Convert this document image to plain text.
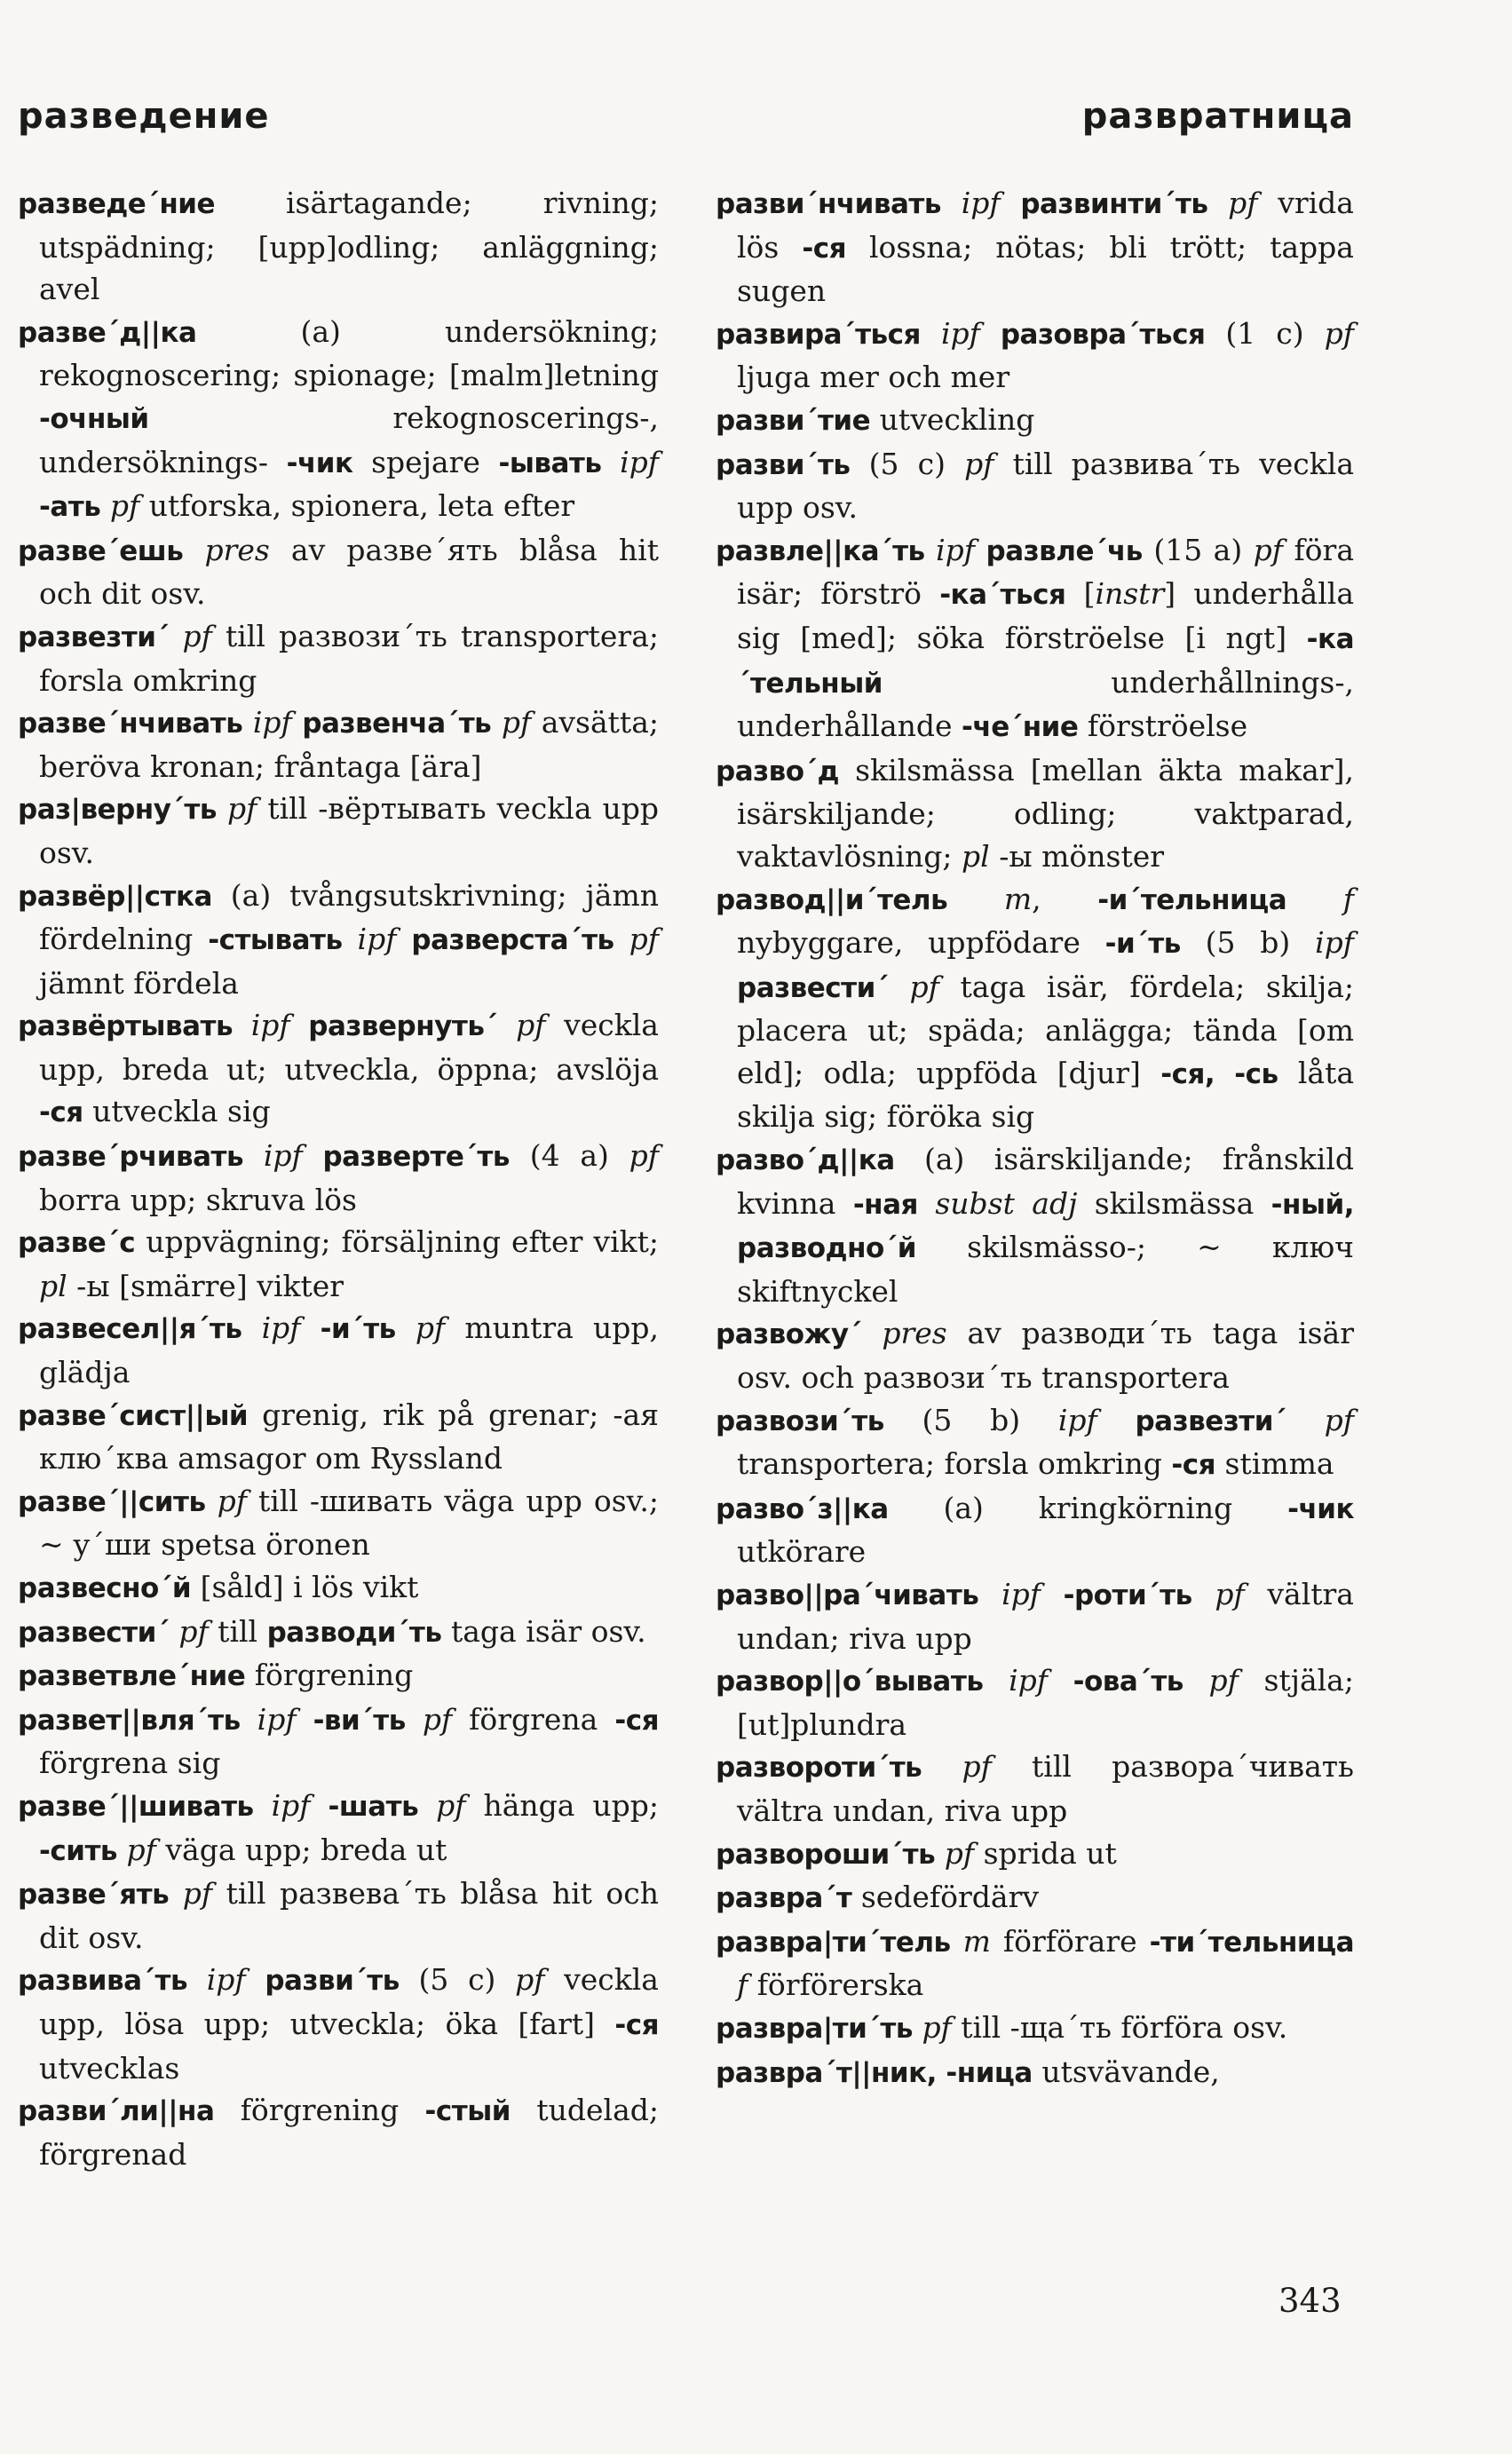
разведение	развратница

разведе´ние isärtagande; rivning; utspädning; [upp]odling; anläggning; avel

разве´д||ка (a) undersökning; rekognoscering; spionage; [malm]letning -очный rekognoscerings-, undersöknings- -чик spejare -ывать ipf -ать pf utforska, spionera, leta efter

разве´ешь pres av разве´ять blåsa hit och dit osv.

развезти´ pf till развози´ть transportera; forsla omkring

разве´нчивать ipf развенча´ть pf avsätta; beröva kronan; fråntaga [ära]

раз|верну´ть pf till -вёртывать veckla upp osv.

развёр||стка (a) tvångsutskrivning; jämn fördelning -стывать ipf разверста´ть pf jämnt fördela

развёртывать ipf развернуть´ pf veckla upp, breda ut; utveckla, öppna; avslöja -ся utveckla sig

разве´рчивать ipf разверте´ть (4 a) pf borra upp; skruva lös

разве´с uppvägning; försäljning efter vikt; pl -ы [smärre] vikter

развесел||я´ть ipf -и´ть pf muntra upp, glädja

разве´сист||ый grenig, rik på grenar; -ая клю´ква amsagor om Ryssland

разве´||сить pf till -шивать väga upp osv.; ~ у´ши spetsa öronen

развесно´й [såld] i lös vikt

развести´ pf till разводи´ть taga isär osv.

разветвле´ние förgrening

развет||вля´ть ipf -ви´ть pf förgrena -ся förgrena sig

разве´||шивать ipf -шать pf hänga upp; -сить pf väga upp; breda ut

разве´ять pf till развева´ть blåsa hit och dit osv.

развива´ть ipf разви´ть (5 c) pf veckla upp, lösa upp; utveckla; öka [fart] -ся utvecklas

разви´ли||на förgrening -стый tudelad; förgrenad

разви´нчивать ipf развинти´ть pf vrida lös -ся lossna; nötas; bli trött; tappa sugen

развира´ться ipf разовра´ться (1 c) pf ljuga mer och mer

разви´тие utveckling

разви´ть (5 c) pf till развива´ть veckla upp osv.

развле||ка´ть ipf развле´чь (15 a) pf föra isär; förströ -ка´ться [instr] underhålla sig [med]; söka förströelse [i ngt] -ка´тельный underhållnings-, underhållande -че´ние förströelse

разво´д skilsmässa [mellan äkta makar], isärskiljande; odling; vaktparad, vaktavlösning; pl -ы mönster

развод||и´тель m, -и´тельница f nybyggare, uppfödare -и´ть (5 b) ipf развести´ pf taga isär, fördela; skilja; placera ut; späda; anlägga; tända [om eld]; odla; uppföda [djur] -ся, -сь låta skilja sig; föröka sig

разво´д||ка (a) isärskiljande; frånskild kvinna -ная subst adj skilsmässa -ный, разводно´й skilsmässo-; ~ ключ skiftnyckel

развожу´ pres av разводи´ть taga isär osv. och развози´ть transportera

развози´ть (5 b) ipf развезти´ pf transportera; forsla omkring -ся stimma

разво´з||ка (a) kringkörning -чик utkörare

разво||ра´чивать ipf -роти´ть pf vältra undan; riva upp

развор||о´вывать ipf -ова´ть pf stjäla; [ut]plundra

развороти´ть pf till развора´чивать vältra undan, riva upp

разворoши´ть pf sprida ut

развра´т sedefördärv

развра|ти´тель m förförare -ти´тельница f förförerska

развра|ти´ть pf till -ща´ть förföra osv.

развра´т||ник, -ница utsvävande,

343
